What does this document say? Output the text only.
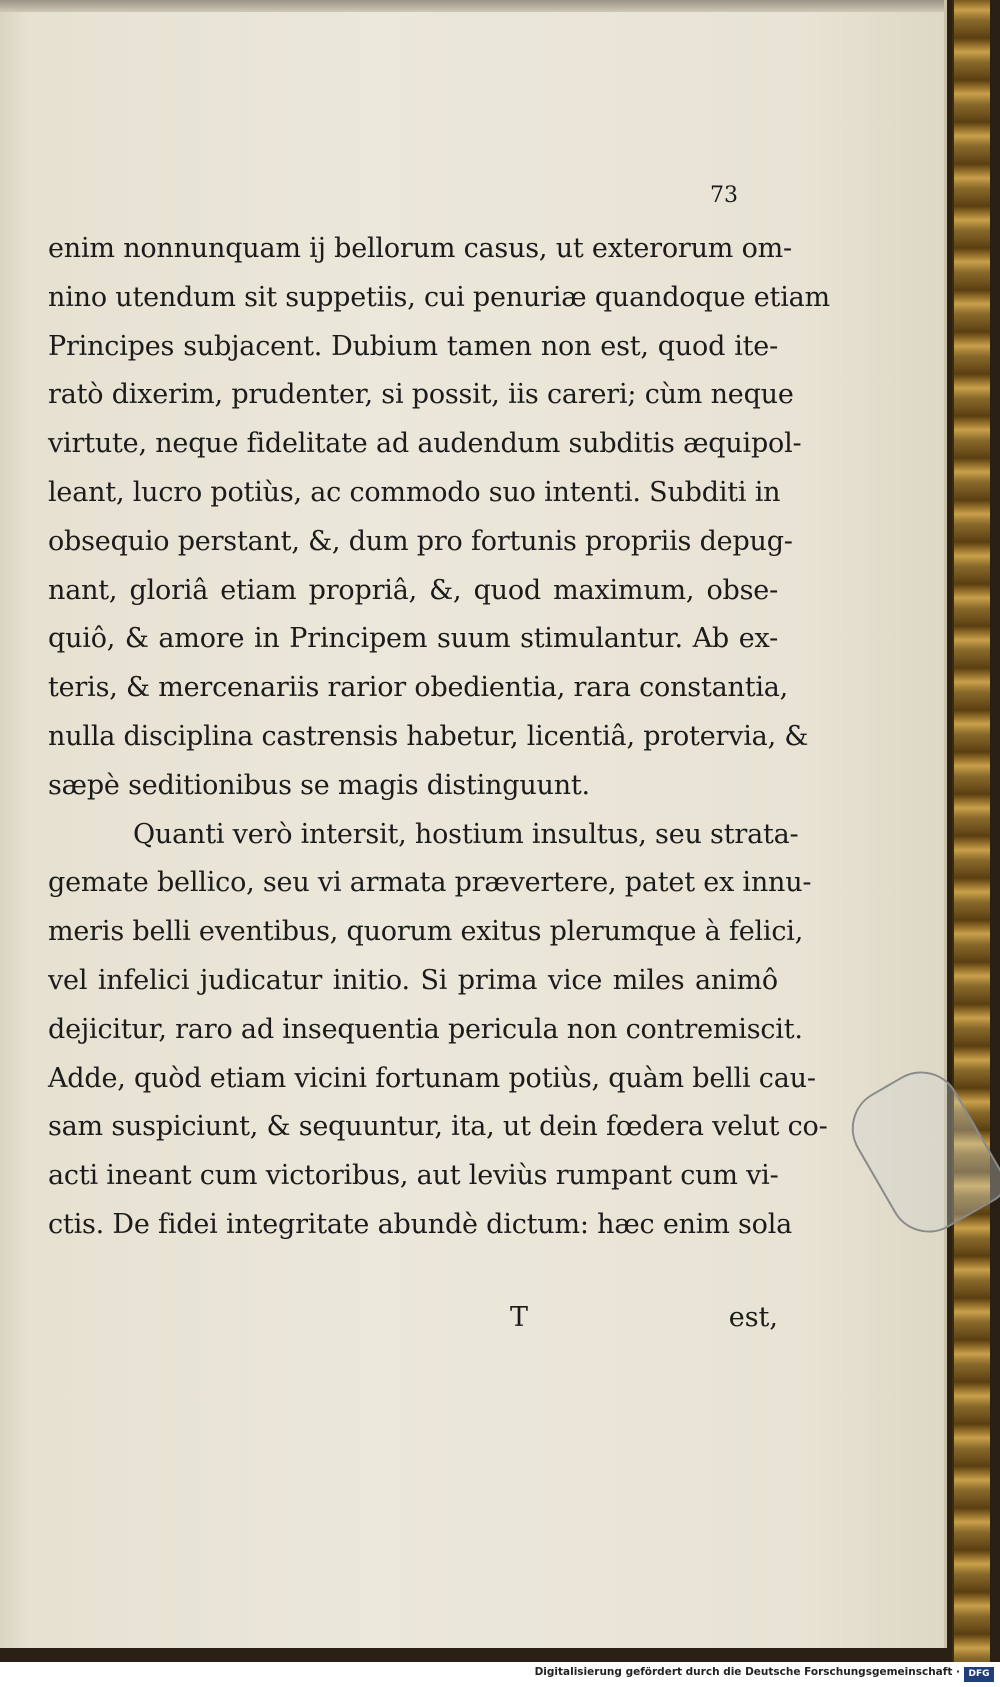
73
enim nonnunquam ij bellorum casus, ut exterorum om-
nino utendum sit suppetiis, cui penuriæ quandoque etiam
Principes subjacent. Dubium tamen non est, quod ite-
ratò dixerim, prudenter, si possit, iis careri; cùm neque
virtute, neque fidelitate ad audendum subditis æquipol-
leant, lucro potiùs, ac commodo suo intenti. Subditi in
obsequio perstant, &, dum pro fortunis propriis depug-
nant, gloriâ etiam propriâ, &, quod maximum, obse-
quiô, & amore in Principem suum stimulantur. Ab ex-
teris, & mercenariis rarior obedientia, rara constantia,
nulla disciplina castrensis habetur, licentiâ, protervia, &
sæpè seditionibus se magis distinguunt.
Quanti verò intersit, hostium insultus, seu strata-
gemate bellico, seu vi armata prævertere, patet ex innu-
meris belli eventibus, quorum exitus plerumque à felici,
vel infelici judicatur initio. Si prima vice miles animô
dejicitur, raro ad insequentia pericula non contremiscit.
Adde, quòd etiam vicini fortunam potiùs, quàm belli cau-
sam suspiciunt, & sequuntur, ita, ut dein fœdera velut co-
acti ineant cum victoribus, aut leviùs rumpant cum vi-
ctis. De fidei integritate abundè dictum: hæc enim sola
T	est,
Digitalisierung gefördert durch die Deutsche Forschungsgemeinschaft · DFG
